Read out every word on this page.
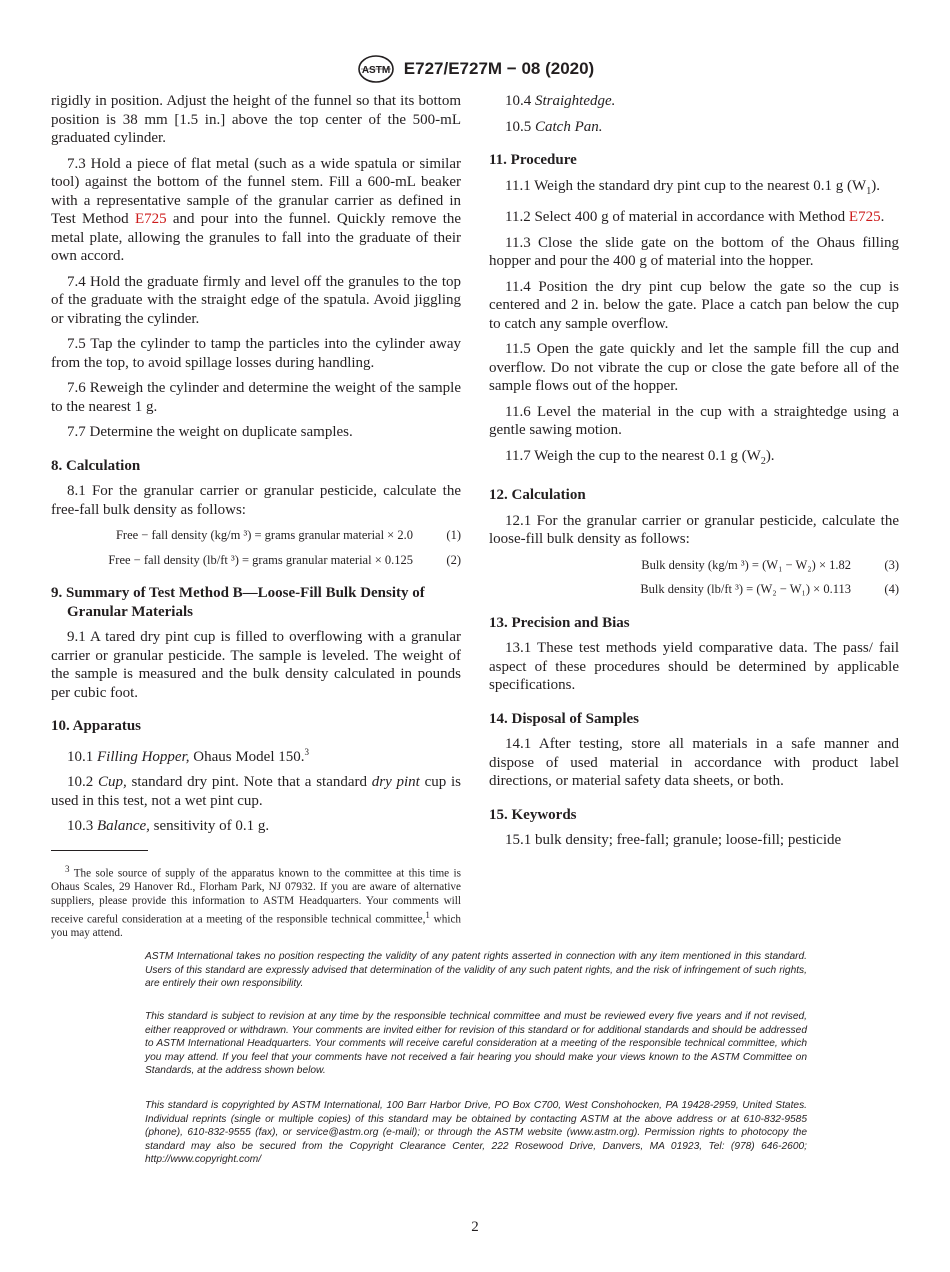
ASTM E727/E727M − 08 (2020)

rigidly in position. Adjust the height of the funnel so that its bottom position is 38 mm [1.5 in.] above the top center of the 500-mL graduated cylinder.

7.3 Hold a piece of flat metal (such as a wide spatula or similar tool) against the bottom of the funnel stem. Fill a 600-mL beaker with a representative sample of the granular carrier as defined in Test Method E725 and pour into the funnel. Quickly remove the metal plate, allowing the granules to fall into the graduate of their own accord.

7.4 Hold the graduate firmly and level off the granules to the top of the graduate with the straight edge of the spatula. Avoid jiggling or vibrating the cylinder.

7.5 Tap the cylinder to tamp the particles into the cylinder away from the top, to avoid spillage losses during handling.

7.6 Reweigh the cylinder and determine the weight of the sample to the nearest 1 g.

7.7 Determine the weight on duplicate samples.

8. Calculation

8.1 For the granular carrier or granular pesticide, calculate the free-fall bulk density as follows:

Free − fall density (kg/m ³) = grams granular material × 2.0	(1)
Free − fall density (lb/ft ³) = grams granular material × 0.125	(2)
9. Summary of Test Method B—Loose-Fill Bulk Density of Granular Materials

9.1 A tared dry pint cup is filled to overflowing with a granular carrier or granular pesticide. The sample is leveled. The weight of the sample is measured and the bulk density calculated in pounds per cubic foot.

10. Apparatus
10.1 Filling Hopper, Ohaus Model 150.$^3$
10.2 Cup, standard dry pint. Note that a standard dry pint cup is used in this test, not a wet pint cup.
10.3 Balance, sensitivity of 0.1 g.

$^3$ The sole source of supply of the apparatus known to the committee at this time is Ohaus Scales, 29 Hanover Rd., Florham Park, NJ 07932. If you are aware of alternative suppliers, please provide this information to ASTM Headquarters. Your comments will receive careful consideration at a meeting of the responsible technical committee,$^1$ which you may attend.

10.4 Straightedge.
10.5 Catch Pan.
11. Procedure

11.1 Weigh the standard dry pint cup to the nearest 0.1 g $(W_1)$.

11.2 Select 400 g of material in accordance with Method E725.

11.3 Close the slide gate on the bottom of the Ohaus filling hopper and pour the 400 g of material into the hopper.

11.4 Position the dry pint cup below the gate so the cup is centered and 2 in. below the gate. Place a catch pan below the cup to catch any sample overflow.

11.5 Open the gate quickly and let the sample fill the cup and overflow. Do not vibrate the cup or close the gate before all of the sample flows out of the hopper.

11.6 Level the material in the cup with a straightedge using a gentle sawing motion.

11.7 Weigh the cup to the nearest 0.1 g $(W_2)$.

12. Calculation

12.1 For the granular carrier or granular pesticide, calculate the loose-fill bulk density as follows:

Bulk density (kg/m ³) = (W₁ − W₂) × 1.82	(3)
Bulk density (lb/ft ³) = (W₂ − W₁) × 0.113	(4)
13. Precision and Bias

13.1 These test methods yield comparative data. The pass/ fail aspect of these procedures should be determined by applicable specifications.

14. Disposal of Samples

14.1 After testing, store all materials in a safe manner and dispose of used material in accordance with product label directions, or material safety data sheets, or both.

15. Keywords

15.1 bulk density; free-fall; granule; loose-fill; pesticide

ASTM International takes no position respecting the validity of any patent rights asserted in connection with any item mentioned in this standard. Users of this standard are expressly advised that determination of the validity of any such patent rights, and the risk of infringement of such rights, are entirely their own responsibility.
This standard is subject to revision at any time by the responsible technical committee and must be reviewed every five years and if not revised, either reapproved or withdrawn. Your comments are invited either for revision of this standard or for additional standards and should be addressed to ASTM International Headquarters. Your comments will receive careful consideration at a meeting of the responsible technical committee, which you may attend. If you feel that your comments have not received a fair hearing you should make your views known to the ASTM Committee on Standards, at the address shown below.
This standard is copyrighted by ASTM International, 100 Barr Harbor Drive, PO Box C700, West Conshohocken, PA 19428-2959, United States. Individual reprints (single or multiple copies) of this standard may be obtained by contacting ASTM at the above address or at 610-832-9585 (phone), 610-832-9555 (fax), or service@astm.org (e-mail); or through the ASTM website (www.astm.org). Permission rights to photocopy the standard may also be secured from the Copyright Clearance Center, 222 Rosewood Drive, Danvers, MA 01923, Tel: (978) 646-2600; http://www.copyright.com/
2
